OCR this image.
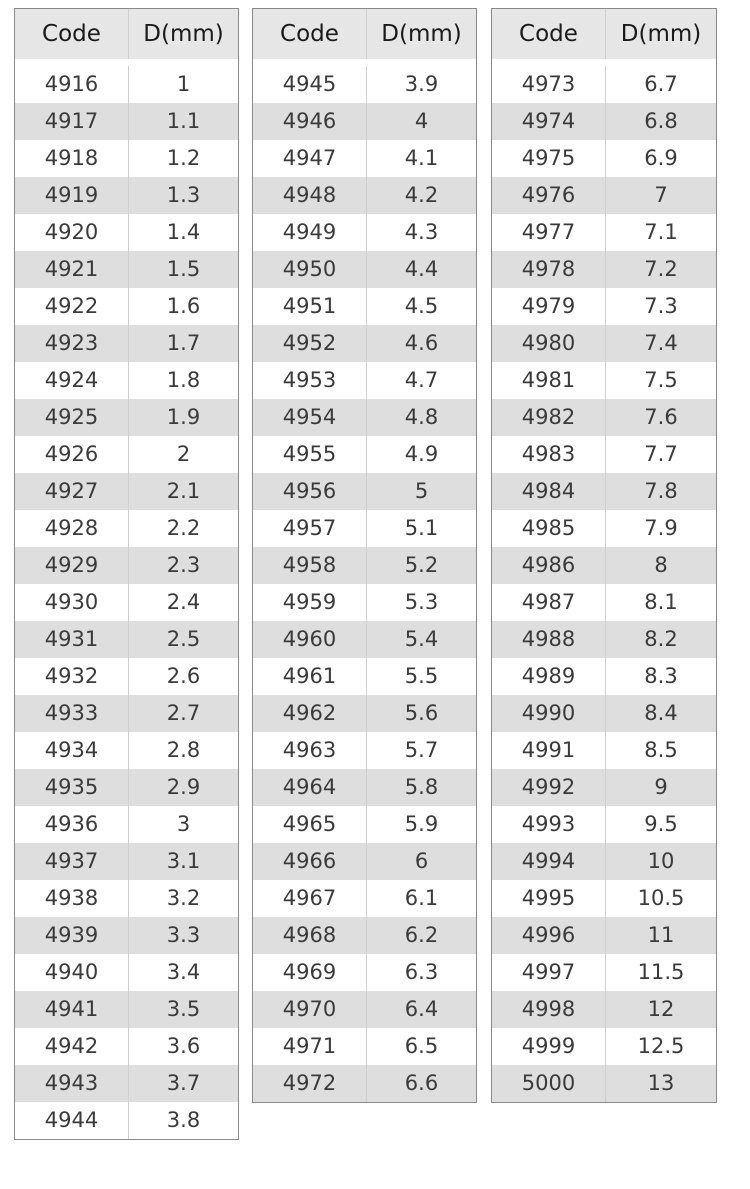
Code	D(mm)
4916	1
4917	1.1
4918	1.2
4919	1.3
4920	1.4
4921	1.5
4922	1.6
4923	1.7
4924	1.8
4925	1.9
4926	2
4927	2.1
4928	2.2
4929	2.3
4930	2.4
4931	2.5
4932	2.6
4933	2.7
4934	2.8
4935	2.9
4936	3
4937	3.1
4938	3.2
4939	3.3
4940	3.4
4941	3.5
4942	3.6
4943	3.7
4944	3.8
Code	D(mm)
4945	3.9
4946	4
4947	4.1
4948	4.2
4949	4.3
4950	4.4
4951	4.5
4952	4.6
4953	4.7
4954	4.8
4955	4.9
4956	5
4957	5.1
4958	5.2
4959	5.3
4960	5.4
4961	5.5
4962	5.6
4963	5.7
4964	5.8
4965	5.9
4966	6
4967	6.1
4968	6.2
4969	6.3
4970	6.4
4971	6.5
4972	6.6
Code	D(mm)
4973	6.7
4974	6.8
4975	6.9
4976	7
4977	7.1
4978	7.2
4979	7.3
4980	7.4
4981	7.5
4982	7.6
4983	7.7
4984	7.8
4985	7.9
4986	8
4987	8.1
4988	8.2
4989	8.3
4990	8.4
4991	8.5
4992	9
4993	9.5
4994	10
4995	10.5
4996	11
4997	11.5
4998	12
4999	12.5
5000	13
